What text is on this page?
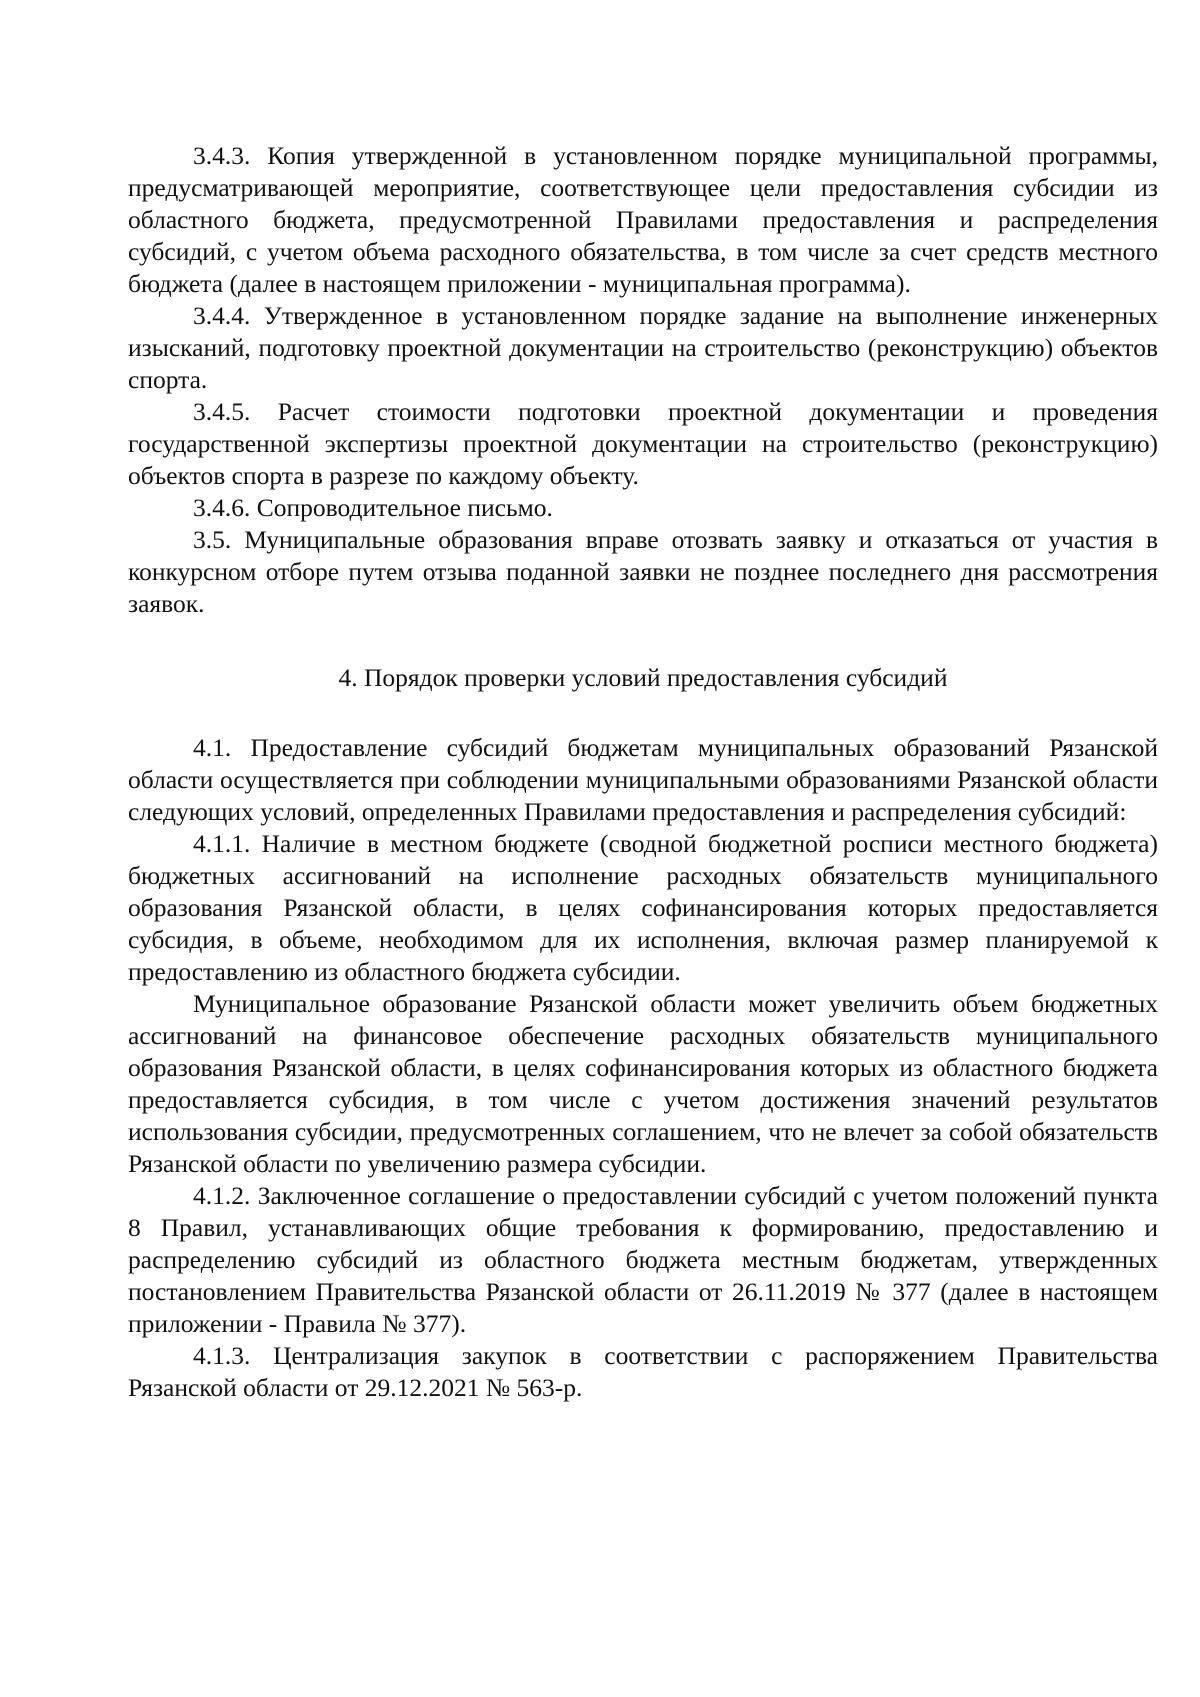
3.4.3. Копия утвержденной в установленном порядке муниципальной программы, предусматривающей мероприятие, соответствующее цели предоставления субсидии из областного бюджета, предусмотренной Правилами предоставления и распределения субсидий, с учетом объема расходного обязательства, в том числе за счет средств местного бюджета (далее в настоящем приложении - муниципальная программа).

3.4.4. Утвержденное в установленном порядке задание на выполнение инженерных изысканий, подготовку проектной документации на строительство (реконструкцию) объектов спорта.

3.4.5. Расчет стоимости подготовки проектной документации и проведения государственной экспертизы проектной документации на строительство (реконструкцию) объектов спорта в разрезе по каждому объекту.

3.4.6. Сопроводительное письмо.

3.5. Муниципальные образования вправе отозвать заявку и отказаться от участия в конкурсном отборе путем отзыва поданной заявки не позднее последнего дня рассмотрения заявок.

4. Порядок проверки условий предоставления субсидий

4.1. Предоставление субсидий бюджетам муниципальных образований Рязанской области осуществляется при соблюдении муниципальными образованиями Рязанской области следующих условий, определенных Правилами предоставления и распределения субсидий:

4.1.1. Наличие в местном бюджете (сводной бюджетной росписи местного бюджета) бюджетных ассигнований на исполнение расходных обязательств муниципального образования Рязанской области, в целях софинансирования которых предоставляется субсидия, в объеме, необходимом для их исполнения, включая размер планируемой к предоставлению из областного бюджета субсидии.

Муниципальное образование Рязанской области может увеличить объем бюджетных ассигнований на финансовое обеспечение расходных обязательств муниципального образования Рязанской области, в целях софинансирования которых из областного бюджета предоставляется субсидия, в том числе с учетом достижения значений результатов использования субсидии, предусмотренных соглашением, что не влечет за собой обязательств Рязанской области по увеличению размера субсидии.

4.1.2. Заключенное соглашение о предоставлении субсидий с учетом положений пункта 8 Правил, устанавливающих общие требования к формированию, предоставлению и распределению субсидий из областного бюджета местным бюджетам, утвержденных постановлением Правительства Рязанской области от 26.11.2019 № 377 (далее в настоящем приложении - Правила № 377).

4.1.3. Централизация закупок в соответствии с распоряжением Правительства Рязанской области от 29.12.2021 № 563-р.
